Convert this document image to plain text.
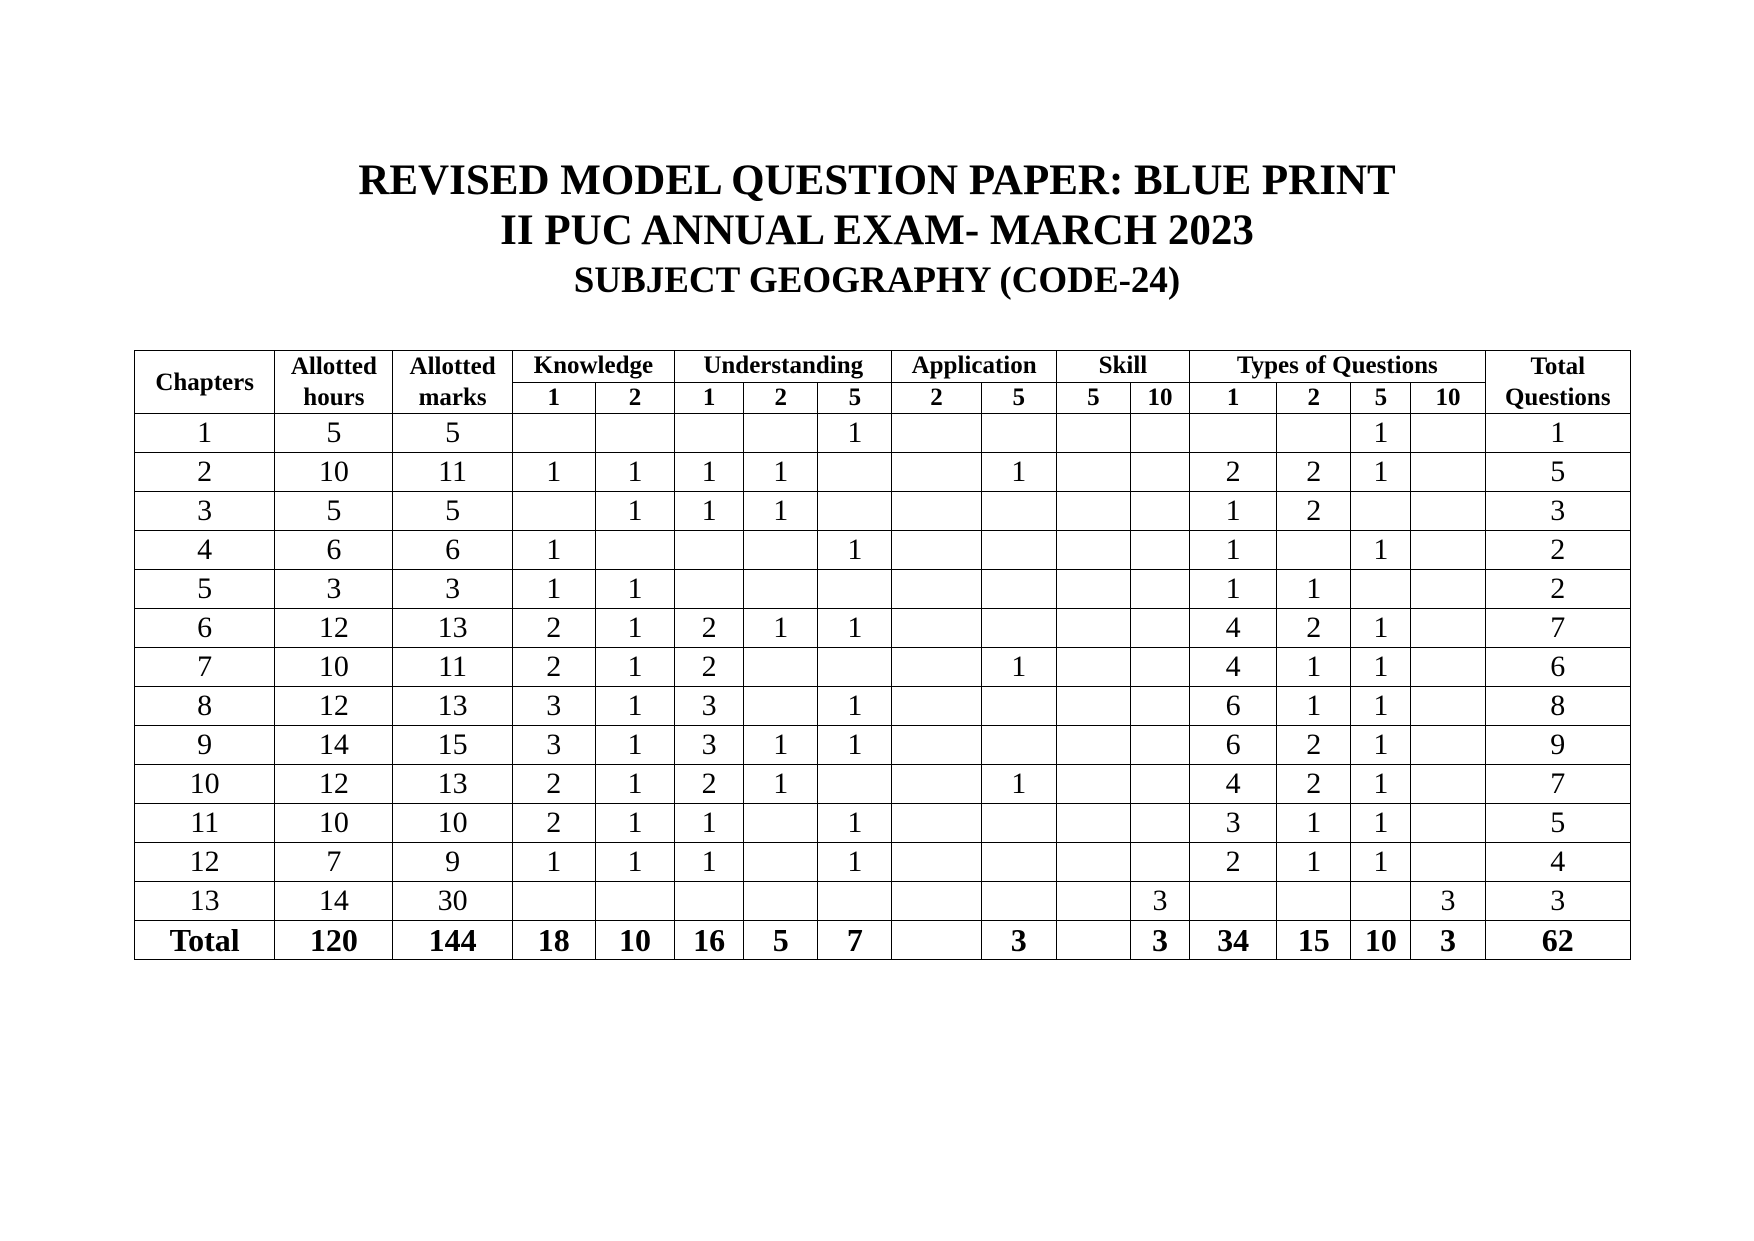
REVISED MODEL QUESTION PAPER: BLUE PRINT
II PUC ANNUAL EXAM- MARCH 2023
SUBJECT GEOGRAPHY (CODE-24)
Chapters	Allotted hours	Allotted marks	Knowledge		Understanding			Application		Skill		Types of Questions				Total Questions
			1	2	1	2	5	2	5	5	10	1	2	5	10	
1	5	5					1							1		1
2	10	11	1	1	1	1			1			2	2	1		5
3	5	5		1	1	1						1	2			3
4	6	6	1				1					1		1		2
5	3	3	1	1								1	1			2
6	12	13	2	1	2	1	1					4	2	1		7
7	10	11	2	1	2				1			4	1	1		6
8	12	13	3	1	3		1					6	1	1		8
9	14	15	3	1	3	1	1					6	2	1		9
10	12	13	2	1	2	1			1			4	2	1		7
11	10	10	2	1	1		1					3	1	1		5
12	7	9	1	1	1		1					2	1	1		4
13	14	30									3				3	3
Total	120	144	18	10	16	5	7		3		3	34	15	10	3	62
